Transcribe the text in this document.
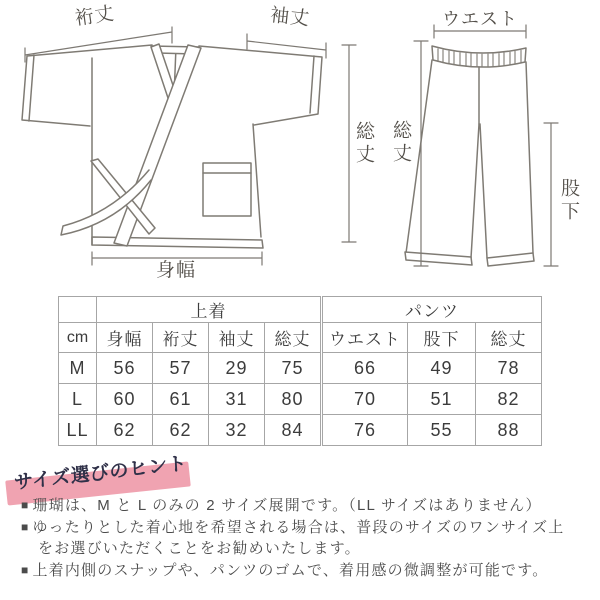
裄丈	袖丈
総丈
身幅
ウエスト
総丈
股下
	上着				パンツ		
cm	身幅	裄丈	袖丈	総丈	ウエスト	股下	総丈
M	56	57	29	75	66	49	78
L	60	61	31	80	70	51	82
LL	62	62	32	84	76	55	88
サイズ選びのヒント
■ 珊瑚は、M と L のみの 2 サイズ展開です。（LL サイズはありません）
■ ゆったりとした着心地を希望される場合は、普段のサイズのワンサイズ上
をお選びいただくことをお勧めいたします。
■ 上着内側のスナップや、パンツのゴムで、着用感の微調整が可能です。
